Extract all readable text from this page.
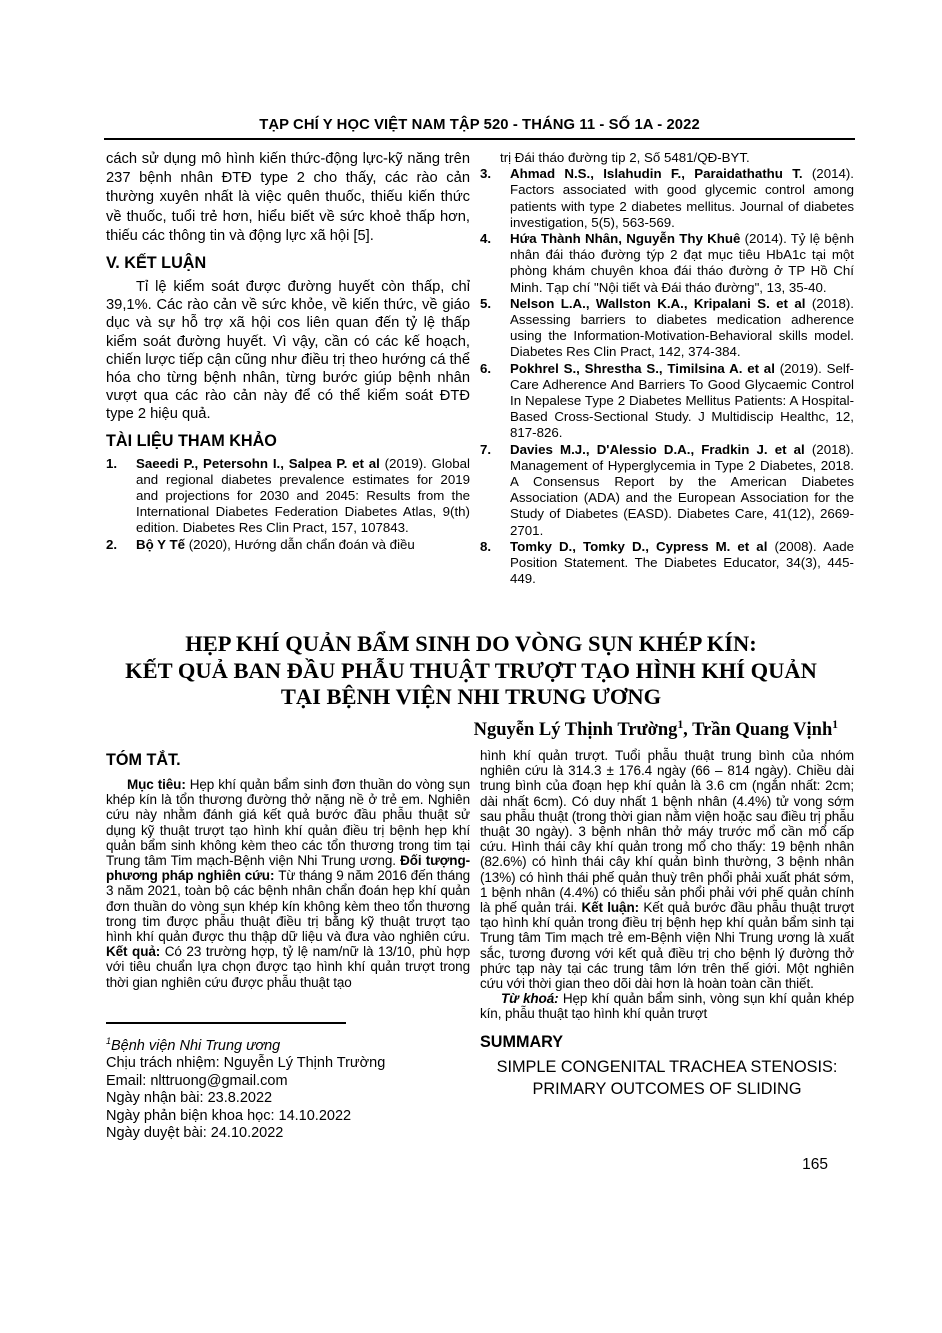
TẠP CHÍ Y HỌC VIỆT NAM TẬP 520 - THÁNG 11 - SỐ 1A - 2022

cách sử dụng mô hình kiến thức-động lực-kỹ năng trên 237 bệnh nhân ĐTĐ type 2 cho thấy, các rào cản thường xuyên nhất là việc quên thuốc, thiếu kiến thức về thuốc, tuổi trẻ hơn, hiểu biết về sức khoẻ thấp hơn, thiếu các thông tin và động lực xã hội [5].

V. KẾT LUẬN

Tỉ lệ kiểm soát được đường huyết còn thấp, chỉ 39,1%. Các rào cản về sức khỏe, về kiến thức, về giáo dục và sự hỗ trợ xã hội cos liên quan đến tỷ lệ thấp kiểm soát đường huyết. Vì vậy, cần có các kế hoạch, chiến lược tiếp cận cũng như điều trị theo hướng cá thể hóa cho từng bệnh nhân, từng bước giúp bệnh nhân vượt qua các rào cản này để có thể kiểm soát ĐTĐ type 2 hiệu quả.

TÀI LIỆU THAM KHẢO
1. Saeedi P., Petersohn I., Salpea P. et al (2019). Global and regional diabetes prevalence estimates for 2019 and projections for 2030 and 2045: Results from the International Diabetes Federation Diabetes Atlas, 9(th) edition. Diabetes Res Clin Pract, 157, 107843.
2. Bộ Y Tế (2020), Hướng dẫn chẩn đoán và điều
trị Đái tháo đường tip 2, Số 5481/QĐ-BYT.
3. Ahmad N.S., Islahudin F., Paraidathathu T. (2014). Factors associated with good glycemic control among patients with type 2 diabetes mellitus. Journal of diabetes investigation, 5(5), 563-569.
4. Hứa Thành Nhân, Nguyễn Thy Khuê (2014). Tỷ lệ bệnh nhân đái tháo đường týp 2 đạt mục tiêu HbA1c tại một phòng khám chuyên khoa đái tháo đường ở TP Hồ Chí Minh. Tạp chí "Nội tiết và Đái tháo đường", 13, 35-40.
5. Nelson L.A., Wallston K.A., Kripalani S. et al (2018). Assessing barriers to diabetes medication adherence using the Information-Motivation-Behavioral skills model. Diabetes Res Clin Pract, 142, 374-384.
6. Pokhrel S., Shrestha S., Timilsina A. et al (2019). Self-Care Adherence And Barriers To Good Glycaemic Control In Nepalese Type 2 Diabetes Mellitus Patients: A Hospital-Based Cross-Sectional Study. J Multidiscip Healthc, 12, 817-826.
7. Davies M.J., D'Alessio D.A., Fradkin J. et al (2018). Management of Hyperglycemia in Type 2 Diabetes, 2018. A Consensus Report by the American Diabetes Association (ADA) and the European Association for the Study of Diabetes (EASD). Diabetes Care, 41(12), 2669-2701.
8. Tomky D., Tomky D., Cypress M. et al (2008). Aade Position Statement. The Diabetes Educator, 34(3), 445-449.
HẸP KHÍ QUẢN BẨM SINH DO VÒNG SỤN KHÉP KÍN:
KẾT QUẢ BAN ĐẦU PHẪU THUẬT TRƯỢT TẠO HÌNH KHÍ QUẢN
TẠI BỆNH VIỆN NHI TRUNG ƯƠNG
Nguyễn Lý Thịnh Trường$^1$, Trần Quang Vịnh$^1$
TÓM TẮT.

Mục tiêu: Hẹp khí quản bẩm sinh đơn thuần do vòng sụn khép kín là tổn thương đường thở nặng nề ở trẻ em. Nghiên cứu này nhằm đánh giá kết quả bước đầu phẫu thuật sử dụng kỹ thuật trượt tạo hình khí quản điều trị bệnh hẹp khí quản bẩm sinh không kèm theo các tổn thương trong tim tại Trung tâm Tim mạch-Bệnh viện Nhi Trung ương. Đối tượng-phương pháp nghiên cứu: Từ tháng 9 năm 2016 đến tháng 3 năm 2021, toàn bộ các bệnh nhân chẩn đoán hẹp khí quản đơn thuần do vòng sụn khép kín không kèm theo tổn thương trong tim được phẫu thuật điều trị bằng kỹ thuật trượt tạo hình khí quản được thu thập dữ liệu và đưa vào nghiên cứu. Kết quả: Có 23 trường hợp, tỷ lệ nam/nữ là 13/10, phù hợp với tiêu chuẩn lựa chọn được tạo hình khí quản trượt trong thời gian nghiên cứu được phẫu thuật tạo

hình khí quản trượt. Tuổi phẫu thuật trung bình của nhóm nghiên cứu là 314.3 ± 176.4 ngày (66 – 814 ngày). Chiều dài trung bình của đoạn hẹp khí quản là 3.6 cm (ngắn nhất: 2cm; dài nhất 6cm). Có duy nhất 1 bệnh nhân (4.4%) tử vong sớm sau phẫu thuật (trong thời gian nằm viện hoặc sau điều trị phẫu thuật 30 ngày). 3 bệnh nhân thở máy trước mổ cần mổ cấp cứu. Hình thái cây khí quản trong mổ cho thấy: 19 bệnh nhân (82.6%) có hình thái cây khí quản bình thường, 3 bệnh nhân (13%) có hình thái phế quản thuỳ trên phổi phải xuất phát sớm, 1 bệnh nhân (4.4%) có thiểu sản phổi phải với phế quản chính là phế quản trái. Kết luận: Kết quả bước đầu phẫu thuật trượt tạo hình khí quản trong điều trị bệnh hẹp khí quản bẩm sinh tại Trung tâm Tim mạch trẻ em-Bệnh viện Nhi Trung ương là xuất sắc, tương đương với kết quả điều trị cho bệnh lý đường thở phức tạp này tại các trung tâm lớn trên thế giới. Một nghiên cứu với thời gian theo dõi dài hơn là hoàn toàn cần thiết.

Từ khoá: Hẹp khí quản bẩm sinh, vòng sụn khí quản khép kín, phẫu thuật tạo hình khí quản trượt

SUMMARY
SIMPLE CONGENITAL TRACHEA STENOSIS:
PRIMARY OUTCOMES OF SLIDING
$^1$Bệnh viện Nhi Trung ương
Chịu trách nhiệm: Nguyễn Lý Thịnh Trường
Email: nlttruong@gmail.com
Ngày nhận bài: 23.8.2022
Ngày phản biện khoa học: 14.10.2022
Ngày duyệt bài: 24.10.2022
165
